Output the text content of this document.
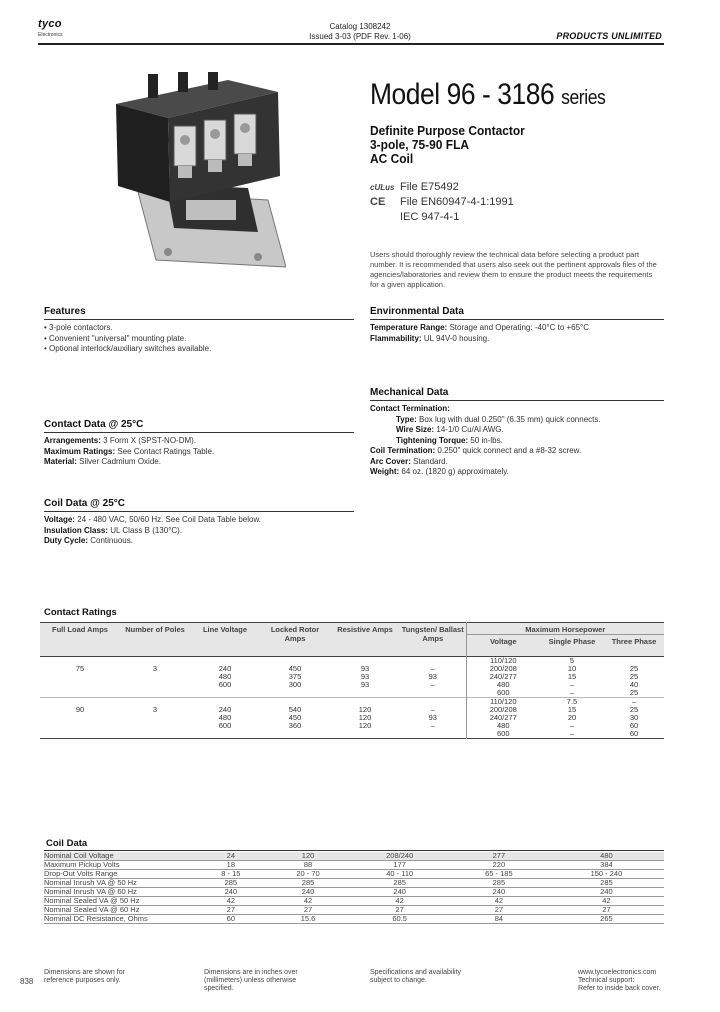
tyco
Electronics
Catalog 1308242
Issued 3-03 (PDF Rev. 1-06)	PRODUCTS UNLIMITED
Model 96 - 3186 series
Definite Purpose Contactor
3-pole, 75-90 FLA
AC Coil
cULus File E75492
CE File EN60947-4-1:1991
IEC 947-4-1
Users should thoroughly review the technical data before selecting a product part number. It is recommended that users also seek out the pertinent approvals files of the agencies/laboratories and review them to ensure the product meets the requirements for a given application.
Features
• 3-pole contactors.
• Convenient "universal" mounting plate.
• Optional interlock/auxiliary switches available.
Contact Data @ 25°C
Arrangements: 3 Form X (SPST-NO-DM).
Maximum Ratings: See Contact Ratings Table.
Material: Silver Cadmium Oxide.
Coil Data @ 25°C
Voltage: 24 - 480 VAC, 50/60 Hz. See Coil Data Table below.
Insulation Class: UL Class B (130°C).
Duty Cycle: Continuous.
Environmental Data
Temperature Range: Storage and Operating: -40°C to +65°C
Flammability: UL 94V-0 housing.
Mechanical Data
Contact Termination:
Type: Box lug with dual 0.250" (6.35 mm) quick connects.
Wire Size: 14-1/0 Cu/Al AWG.
Tightening Torque: 50 in-lbs.
Coil Termination: 0.250" quick connect and a #8-32 screw.
Arc Cover: Standard.
Weight: 64 oz. (1820 g) approximately.
Contact Ratings
Full Load Amps	Number of Poles	Line Voltage	Locked Rotor Amps	Resistive Amps	Tungsten/ Ballast Amps	Maximum Horsepower		
						Voltage	Single Phase	Three Phase
						110/120	5	
75	3	240	450	93	–	200/208	10	25
		480	375	93	93	240/277	15	25
		600	300	93	–	480	–	40
						600	–	25
						110/120	7.5	–
90	3	240	540	120	–	200/208	15	25
		480	450	120	93	240/277	20	30
		600	360	120	–	480	–	60
						600	–	60
Coil Data
Nominal Coil Voltage	24	120	208/240	277	480
Maximum Pickup Volts	18	88	177	220	384
Drop-Out Volts Range	8 - 15	20 - 70	40 - 110	65 - 185	150 - 240
Nominal Inrush VA @ 50 Hz	285	285	285	285	285
Nominal Inrush VA @ 60 Hz	240	240	240	240	240
Nominal Sealed VA @ 50 Hz	42	42	42	42	42
Nominal Sealed VA @ 60 Hz	27	27	27	27	27
Nominal DC Resistance, Ohms	60	15.6	60.5	84	265
838
Dimensions are shown for reference purposes only.
Dimensions are in inches over (millimeters) unless otherwise specified.
Specifications and availability subject to change.
www.tycoelectronics.com
Technical support:
Refer to inside back cover.
